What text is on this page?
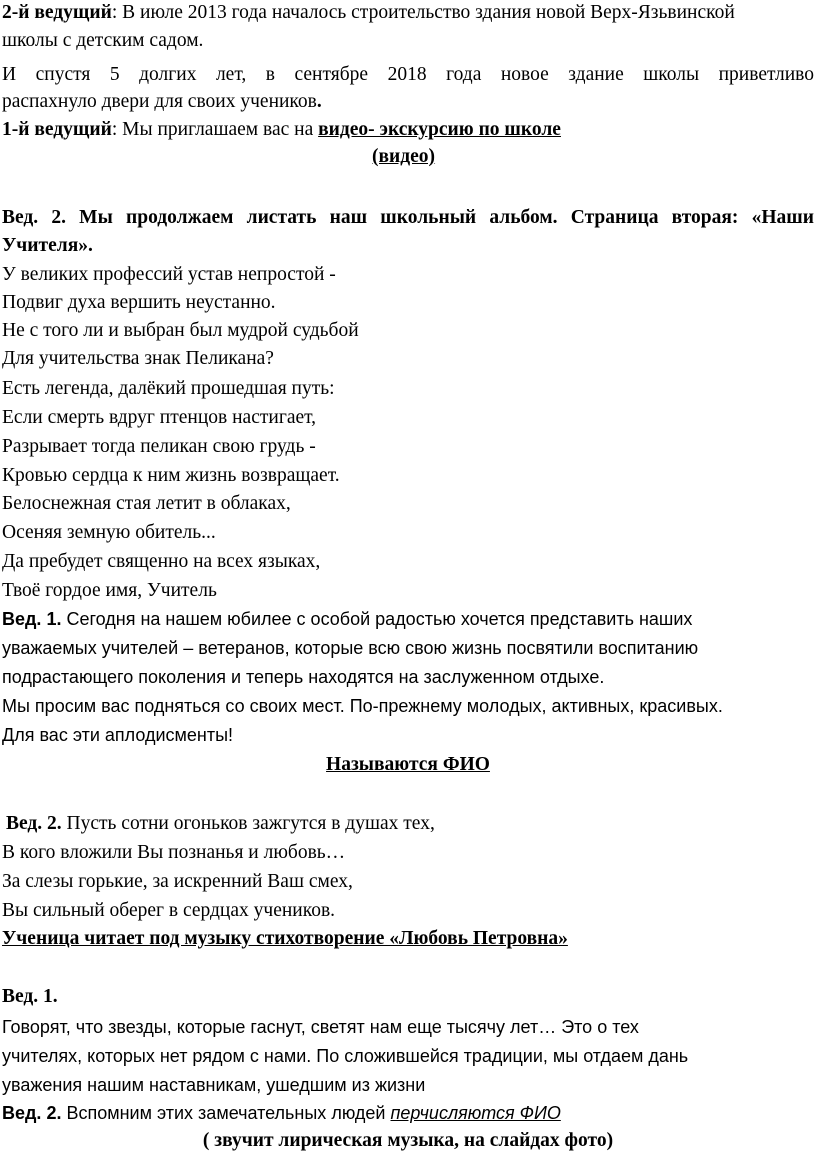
2-й ведущий: В июле 2013 года началось строительство здания новой Верх-Язьвинской
школы с детским садом.
И спустя 5 долгих лет, в сентябре 2018 года новое здание школы приветливо
распахнуло двери для своих учеников.
1-й ведущий: Мы приглашаем вас на видео- экскурсию по школе
(видео)
Вед. 2. Мы продолжаем листать наш школьный альбом. Страница вторая: «Наши
Учителя».
У великих профессий устав непростой -
Подвиг духа вершить неустанно.
Не с того ли и выбран был мудрой судьбой
Для учительства знак Пеликана?
Есть легенда, далёкий прошедшая путь:
Если смерть вдруг птенцов настигает,
Разрывает тогда пеликан свою грудь -
Кровью сердца к ним жизнь возвращает.
Белоснежная стая летит в облаках,
Осеняя земную обитель...
Да пребудет священно на всех языках,
Твоё гордое имя, Учитель
Вед. 1. Сегодня на нашем юбилее с особой радостью хочется представить наших
уважаемых учителей – ветеранов, которые всю свою жизнь посвятили воспитанию
подрастающего поколения и теперь находятся на заслуженном отдыхе.
Мы просим вас подняться со своих мест. По-прежнему молодых, активных, красивых.
Для вас эти аплодисменты!
Называются ФИО
Вед. 2. Пусть сотни огоньков зажгутся в душах тех,
В кого вложили Вы познанья и любовь…
За слезы горькие, за искренний Ваш смех,
Вы сильный оберег в сердцах учеников.
Ученица читает под музыку стихотворение «Любовь Петровна»
Вед. 1.
Говорят, что звезды, которые гаснут, светят нам еще тысячу лет… Это о тех
учителях, которых нет рядом с нами. По сложившейся традиции, мы отдаем дань
уважения нашим наставникам, ушедшим из жизни
Вед. 2. Вспомним этих замечательных людей перчисляются ФИО
( звучит лирическая музыка, на слайдах фото)
